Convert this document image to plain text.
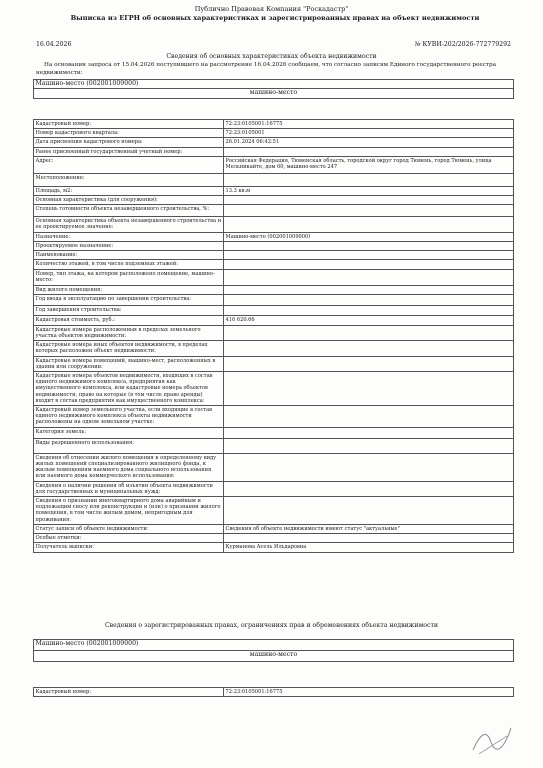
Публично Правовая Компания "Роскадастр"
Выписка из ЕГРН об основных характеристиках и зарегистрированных правах на объект недвижимости
16.04.2026	№ КУВИ-202/2026-772779292
Сведения об основных характеристиках объекта недвижимости
На основании запроса от 15.04.2026 поступившего на рассмотрение 16.04.2026 сообщаем, что согласно записям Единого государственного реестра недвижимости:
Машино-место (002001009000)
машино-место
Кадастровый номер:	72:23:0105001:16775
Номер кадастрового квартала:	72:23:0105001
Дата присвоения кадастрового номера:	26.01.2024 06:42:51
Ранее присвоенный государственный учетный номер:	
Адрес:	Российская Федерация, Тюменская область, городской округ город Тюмень, город Тюмень, улица Мельникайте, дом 60, машино-место 247
Местоположение:	
Площадь, м2:	13.3 кв.м
Основная характеристика (для сооружения):	
Степень готовности объекта незавершенного строительства, %:	
Основная характеристика объекта незавершенного строительства и ее проектируемое значение:	
Назначение:	Машино-место (002001009000)
Проектируемое назначение:	
Наименование:	
Количество этажей, в том числе подземных этажей:	
Номер, тип этажа, на котором расположено помещение, машино-место:	
Вид жилого помещения:	
Год ввода в эксплуатацию по завершении строительства:	
Год завершения строительства:	
Кадастровая стоимость, руб.:	410 620.66
Кадастровые номера расположенных в пределах земельного участка объектов недвижимости:	
Кадастровые номера иных объектов недвижимости, в пределах которых расположен объект недвижимости:	
Кадастровые номера помещений, машино-мест, расположенных в здании или сооружении:	
Кадастровые номера объектов недвижимости, входящих в состав единого недвижимого комплекса, предприятия как имущественного комплекса, или кадастровые номера объектов недвижимости, право на которые (в том числе право аренды) входит в состав предприятия как имущественного комплекса:	
Кадастровый номер земельного участка, если входящие в состав единого недвижимого комплекса объекты недвижимости расположены на одном земельном участке:	
Категория земель:	
Виды разрешенного использования:	
Сведения об отнесении жилого помещения к определенному виду жилых помещений специализированного жилищного фонда, к жилым помещениям наемного дома социального использования или наемного дома коммерческого использования:	
Сведения о наличии решения об изъятии объекта недвижимости для государственных и муниципальных нужд:	
Сведения о признании многоквартирного дома аварийным и подлежащим сносу или реконструкции и (или) о признании жилого помещения, в том числе жилым домом, непригодным для проживания:	
Статус записи об объекте недвижимости:	Сведения об объекте недвижимости имеют статус "актуальные"
Особые отметки:	
Получатель выписки:	Курманова Асель Ильдаровна
Сведения о зарегистрированных правах, ограничениях прав и обременениях объекта недвижимости
Машино-место (002001009000)
машино-место
Кадастровый номер:	72:23:0105001:16775
